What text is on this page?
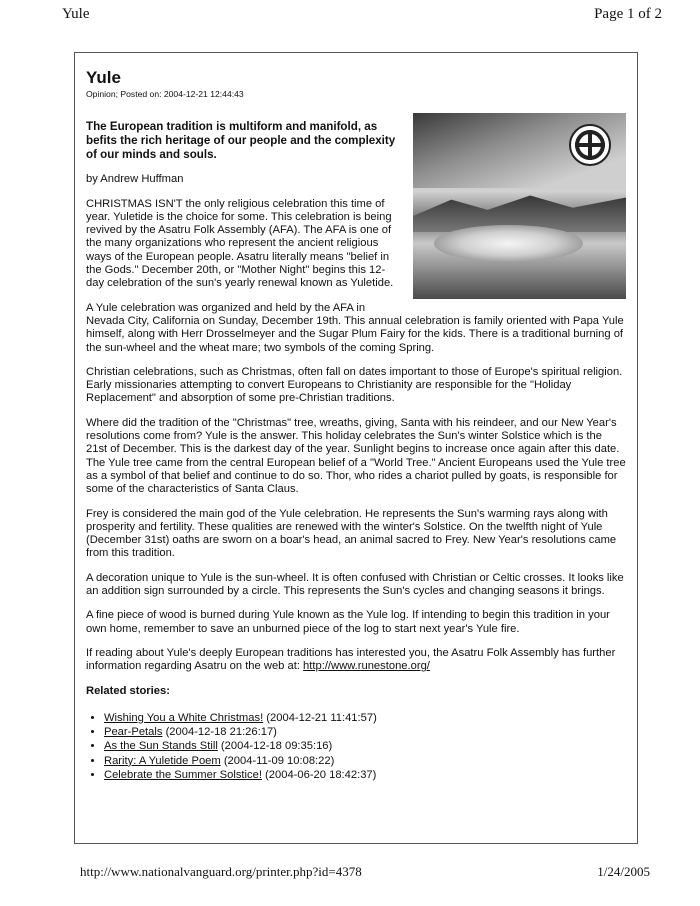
Yule	Page 1 of 2
Yule
Opinion; Posted on: 2004-12-21 12:44:43
The European tradition is multiform and manifold, as befits the rich heritage of our people and the complexity of our minds and souls.
by Andrew Huffman

CHRISTMAS ISN'T the only religious celebration this time of year. Yuletide is the choice for some. This celebration is being revived by the Asatru Folk Assembly (AFA). The AFA is one of the many organizations who represent the ancient religious ways of the European people. Asatru literally means "belief in the Gods." December 20th, or "Mother Night" begins this 12-day celebration of the sun's yearly renewal known as Yuletide.

A Yule celebration was organized and held by the AFA in Nevada City, California on Sunday, December 19th. This annual celebration is family oriented with Papa Yule himself, along with Herr Drosselmeyer and the Sugar Plum Fairy for the kids. There is a traditional burning of the sun-wheel and the wheat mare; two symbols of the coming Spring.

Christian celebrations, such as Christmas, often fall on dates important to those of Europe's spiritual religion. Early missionaries attempting to convert Europeans to Christianity are responsible for the "Holiday Replacement" and absorption of some pre-Christian traditions.

Where did the tradition of the "Christmas" tree, wreaths, giving, Santa with his reindeer, and our New Year's resolutions come from? Yule is the answer. This holiday celebrates the Sun's winter Solstice which is the 21st of December. This is the darkest day of the year. Sunlight begins to increase once again after this date. The Yule tree came from the central European belief of a "World Tree." Ancient Europeans used the Yule tree as a symbol of that belief and continue to do so. Thor, who rides a chariot pulled by goats, is responsible for some of the characteristics of Santa Claus.

Frey is considered the main god of the Yule celebration. He represents the Sun's warming rays along with prosperity and fertility. These qualities are renewed with the winter's Solstice. On the twelfth night of Yule (December 31st) oaths are sworn on a boar's head, an animal sacred to Frey. New Year's resolutions came from this tradition.

A decoration unique to Yule is the sun-wheel. It is often confused with Christian or Celtic crosses. It looks like an addition sign surrounded by a circle. This represents the Sun's cycles and changing seasons it brings.

A fine piece of wood is burned during Yule known as the Yule log. If intending to begin this tradition in your own home, remember to save an unburned piece of the log to start next year's Yule fire.

If reading about Yule's deeply European traditions has interested you, the Asatru Folk Assembly has further information regarding Asatru on the web at: http://www.runestone.org/

Related stories:
• Wishing You a White Christmas! (2004-12-21 11:41:57)
• Pear-Petals (2004-12-18 21:26:17)
• As the Sun Stands Still (2004-12-18 09:35:16)
• Rarity: A Yuletide Poem (2004-11-09 10:08:22)
• Celebrate the Summer Solstice! (2004-06-20 18:42:37)
http://www.nationalvanguard.org/printer.php?id=4378	1/24/2005
